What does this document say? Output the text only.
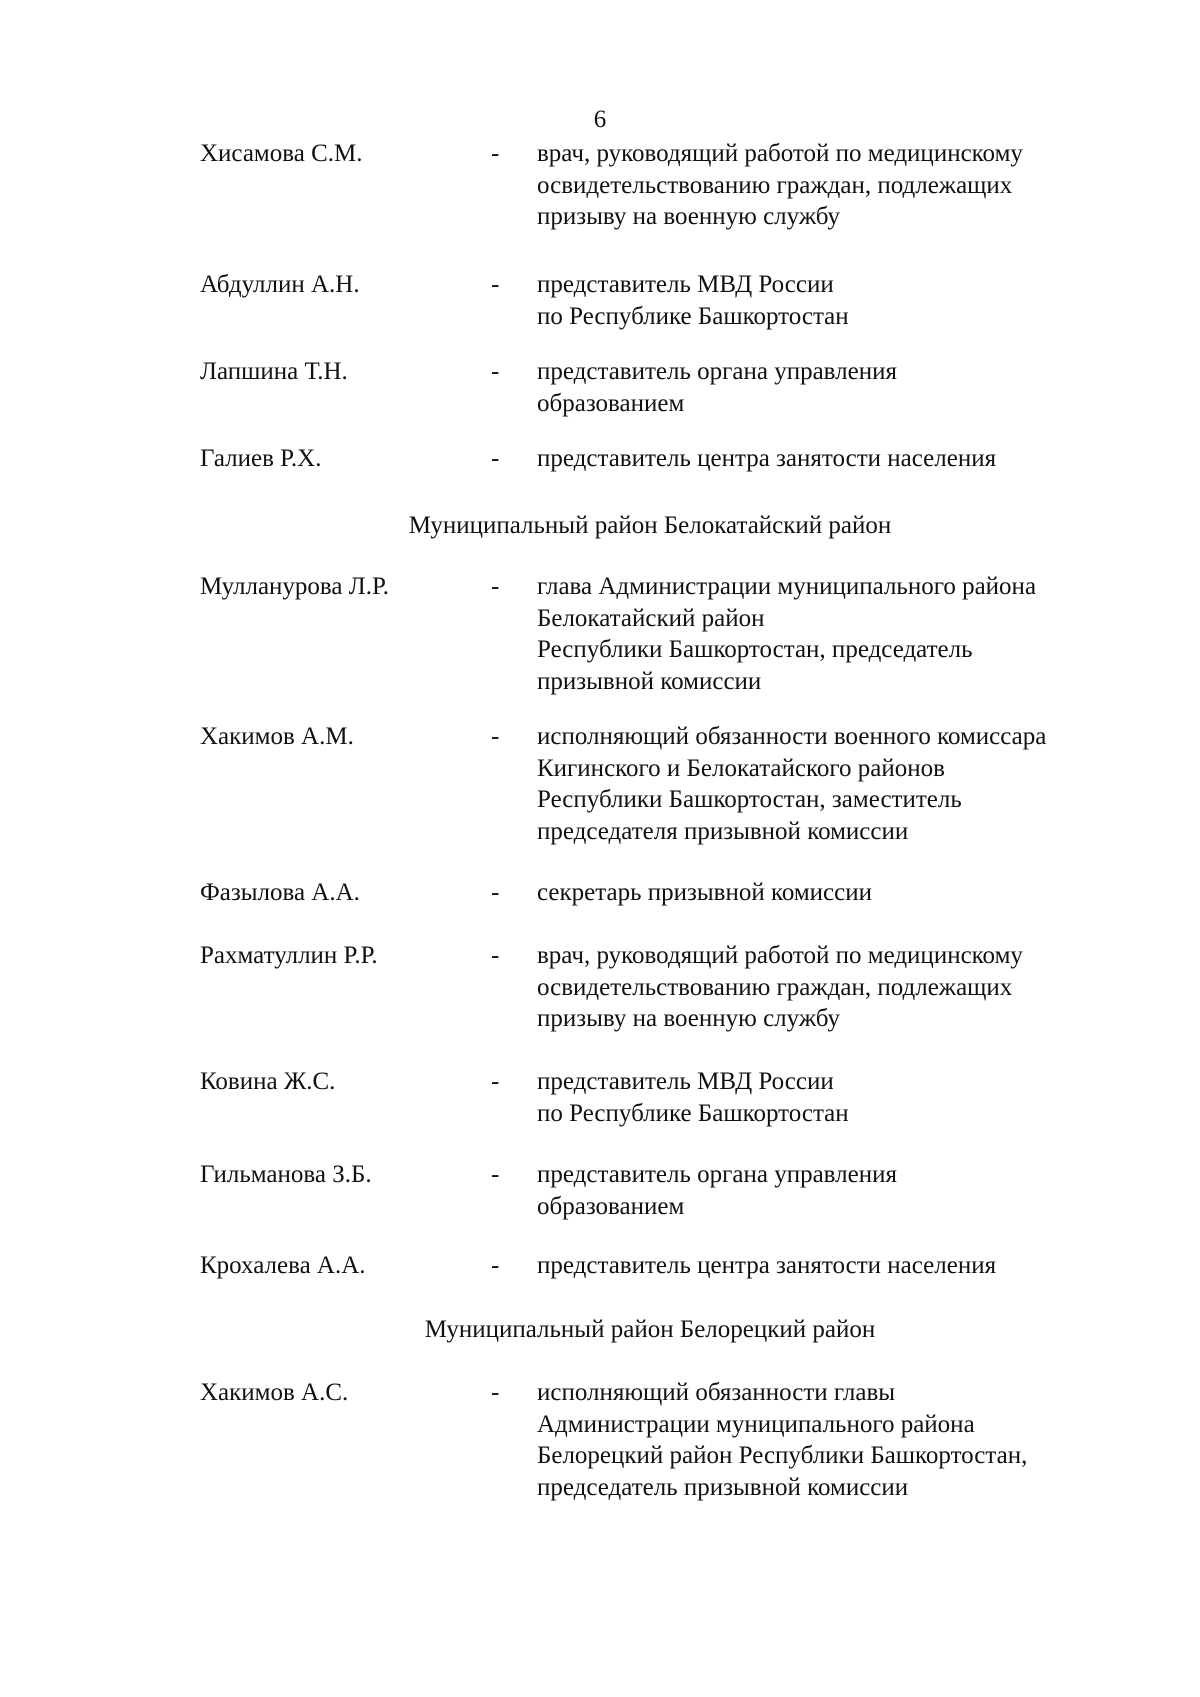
6
Хисамова С.М.	- врач, руководящий работой по медицинскому
освидетельствованию граждан, подлежащих
призыву на военную службу
Абдуллин А.Н.	- представитель МВД России
по Республике Башкортостан
Лапшина Т.Н.	- представитель органа управления
образованием
Галиев Р.Х.	- представитель центра занятости населения
Муниципальный район Белокатайский район
Мулланурова Л.Р.	- глава Администрации муниципального района
Белокатайский район
Республики Башкортостан, председатель
призывной комиссии
Хакимов А.М.	- исполняющий обязанности военного комиссара
Кигинского и Белокатайского районов
Республики Башкортостан, заместитель
председателя призывной комиссии
Фазылова А.А.	- секретарь призывной комиссии
Рахматуллин Р.Р.	- врач, руководящий работой по медицинскому
освидетельствованию граждан, подлежащих
призыву на военную службу
Ковина Ж.С.	- представитель МВД России
по Республике Башкортостан
Гильманова З.Б.	- представитель органа управления
образованием
Крохалева А.А.	- представитель центра занятости населения
Муниципальный район Белорецкий район
Хакимов А.С.	- исполняющий обязанности главы
Администрации муниципального района
Белорецкий район Республики Башкортостан,
председатель призывной комиссии
